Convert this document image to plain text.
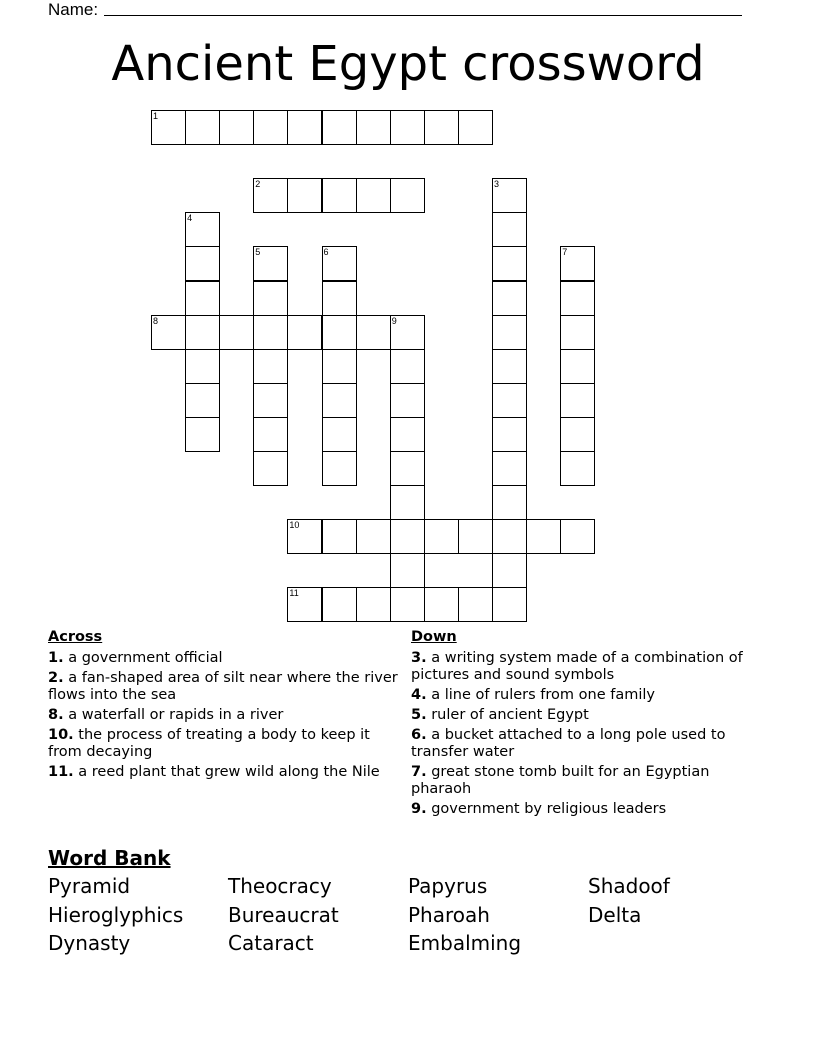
Name:
Ancient Egypt crossword
1
2	3
4
5	6	7
8	9
10
11
Across
1. a government official
2. a fan-shaped area of silt near where the river flows into the sea
8. a waterfall or rapids in a river
10. the process of treating a body to keep it from decaying
11. a reed plant that grew wild along the Nile
Down
3. a writing system made of a combination of pictures and sound symbols
4. a line of rulers from one family
5. ruler of ancient Egypt
6. a bucket attached to a long pole used to transfer water
7. great stone tomb built for an Egyptian pharaoh
9. government by religious leaders
Word Bank
Pyramid	Theocracy	Papyrus	Shadoof
Hieroglyphics Bureaucrat	Pharoah	Delta
Dynasty	Cataract	Embalming
